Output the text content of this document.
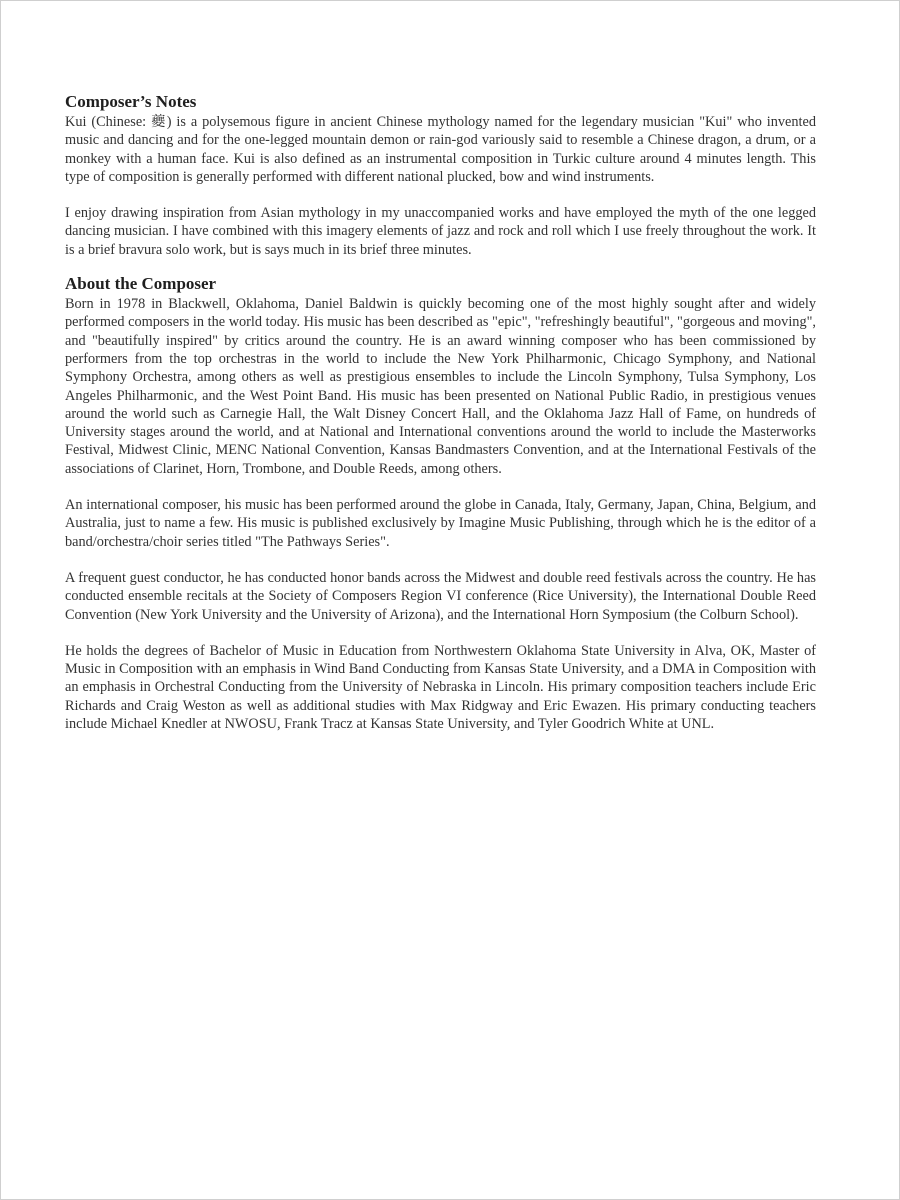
Composer’s Notes

Kui (Chinese: 夔) is a polysemous figure in ancient Chinese mythology named for the legendary musician "Kui" who invented music and dancing and for the one-legged mountain demon or rain-god variously said to resemble a Chinese dragon, a drum, or a monkey with a human face. Kui is also defined as an instrumental composition in Turkic culture around 4 minutes length. This type of composition is generally performed with different national plucked, bow and wind instruments.

I enjoy drawing inspiration from Asian mythology in my unaccompanied works and have employed the myth of the one legged dancing musician. I have combined with this imagery elements of jazz and rock and roll which I use freely throughout the work. It is a brief bravura solo work, but is says much in its brief three minutes.

About the Composer

Born in 1978 in Blackwell, Oklahoma, Daniel Baldwin is quickly becoming one of the most highly sought after and widely performed composers in the world today. His music has been described as "epic", "refreshingly beautiful", "gorgeous and moving", and "beautifully inspired" by critics around the country. He is an award winning composer who has been commissioned by performers from the top orchestras in the world to include the New York Philharmonic, Chicago Symphony, and National Symphony Orchestra, among others as well as prestigious ensembles to include the Lincoln Symphony, Tulsa Symphony, Los Angeles Philharmonic, and the West Point Band. His music has been presented on National Public Radio, in prestigious venues around the world such as Carnegie Hall, the Walt Disney Concert Hall, and the Oklahoma Jazz Hall of Fame, on hundreds of University stages around the world, and at National and International conventions around the world to include the Masterworks Festival, Midwest Clinic, MENC National Convention, Kansas Bandmasters Convention, and at the International Festivals of the associations of Clarinet, Horn, Trombone, and Double Reeds, among others.

An international composer, his music has been performed around the globe in Canada, Italy, Germany, Japan, China, Belgium, and Australia, just to name a few. His music is published exclusively by Imagine Music Publishing, through which he is the editor of a band/orchestra/choir series titled "The Pathways Series".

A frequent guest conductor, he has conducted honor bands across the Midwest and double reed festivals across the country. He has conducted ensemble recitals at the Society of Composers Region VI conference (Rice University), the International Double Reed Convention (New York University and the University of Arizona), and the International Horn Symposium (the Colburn School).

He holds the degrees of Bachelor of Music in Education from Northwestern Oklahoma State University in Alva, OK, Master of Music in Composition with an emphasis in Wind Band Conducting from Kansas State University, and a DMA in Composition with an emphasis in Orchestral Conducting from the University of Nebraska in Lincoln. His primary composition teachers include Eric Richards and Craig Weston as well as additional studies with Max Ridgway and Eric Ewazen. His primary conducting teachers include Michael Knedler at NWOSU, Frank Tracz at Kansas State University, and Tyler Goodrich White at UNL.
